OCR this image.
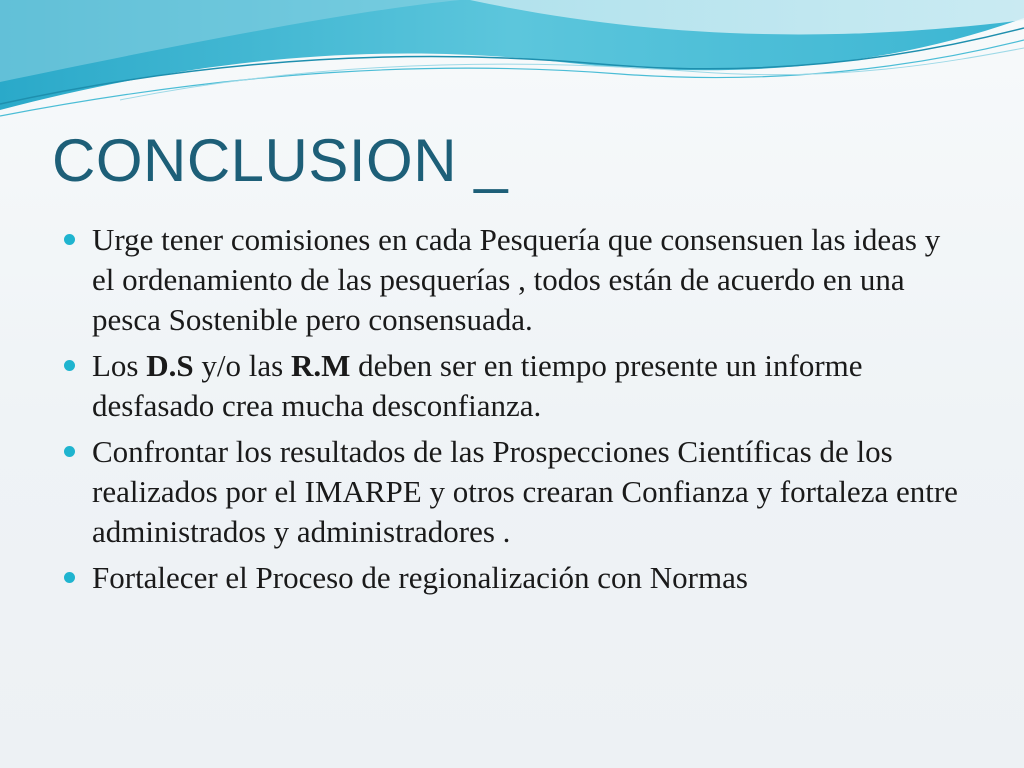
CONCLUSION _
Urge tener comisiones en cada Pesquería que consensuen las ideas y el ordenamiento de las pesquerías , todos están de acuerdo en una pesca Sostenible pero consensuada.
Los D.S y/o las R.M deben ser en tiempo presente un informe desfasado crea mucha desconfianza.
Confrontar los resultados de las Prospecciones Científicas de los realizados por el IMARPE y otros crearan Confianza y fortaleza entre administrados y administradores .
Fortalecer el Proceso de regionalización con Normas
